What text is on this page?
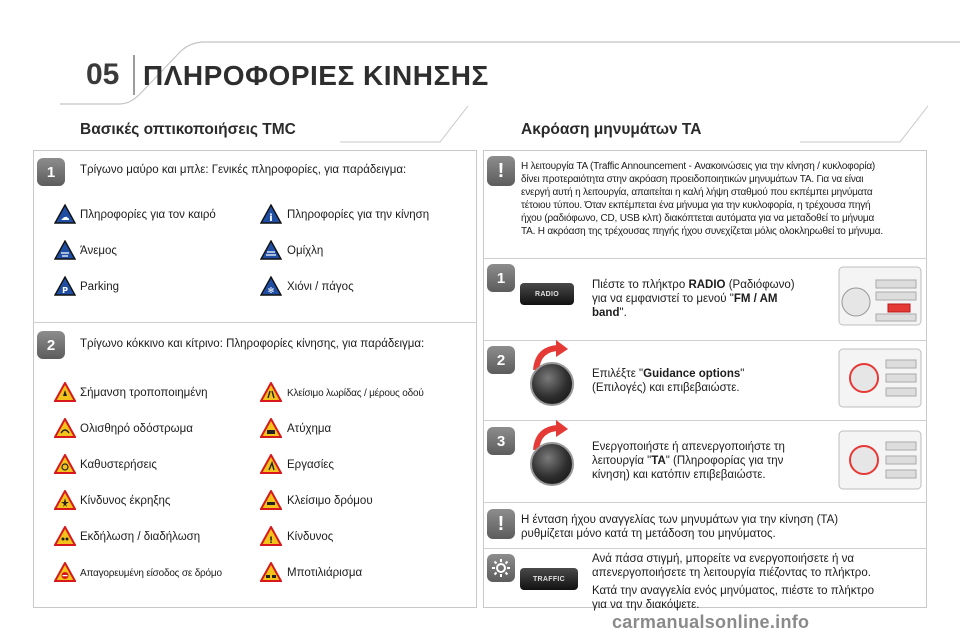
05 ΠΛΗΡΟΦΟΡΙΕΣ ΚΙΝΗΣΗΣ
Βασικές οπτικοποιήσεις TMC
1	Τρίγωνο μαύρο και μπλε: Γενικές πληροφορίες, για παράδειγμα:
☁ Πληροφορίες για τον καιρό	i Πληροφορίες για την κίνηση
Άνεμος	Ομίχλη
P Parking	✻ Χιόνι / πάγος
2	Τρίγωνο κόκκινο και κίτρινο: Πληροφορίες κίνησης, για παράδειγμα:
Σήμανση τροποποιημένη	Κλείσιμο λωρίδας / μέρους οδού
Ολισθηρό οδόστρωμα	Ατύχημα
Καθυστερήσεις	Εργασίες
Κίνδυνος έκρηξης	Κλείσιμο δρόμου
Εκδήλωση / διαδήλωση	! Κίνδυνος
Απαγορευμένη είσοδος σε δρόμο	Μποτιλιάρισμα
Ακρόαση μηνυμάτων TA
!	Η λειτουργία TA (Traffic Announcement - Ανακοινώσεις για την κίνηση / κυκλοφορία)
δίνει προτεραιότητα στην ακρόαση προειδοποιητικών μηνυμάτων TA. Για να είναι
ενεργή αυτή η λειτουργία, απαιτείται η καλή λήψη σταθμού που εκπέμπει μηνύματα
τέτοιου τύπου. Όταν εκπέμπεται ένα μήνυμα για την κυκλοφορία, η τρέχουσα πηγή
ήχου (ραδιόφωνο, CD, USB κλπ) διακόπτεται αυτόματα για να μεταδοθεί το μήνυμα
TA. Η ακρόαση της τρέχουσας πηγής ήχου συνεχίζεται μόλις ολοκληρωθεί το μήνυμα.
1
RADIO
Πιέστε το πλήκτρο RADIO (Ραδιόφωνο)
για να εμφανιστεί το μενού "FM / AM
band".
2
Επιλέξτε "Guidance options"
(Επιλογές) και επιβεβαιώστε.
3	Ενεργοποιήστε ή απενεργοποιήστε τη
λειτουργία "TA" (Πληροφορίας για την
κίνηση) και κατόπιν επιβεβαιώστε.
!	Η ένταση ήχου αναγγελίας των μηνυμάτων για την κίνηση (TA)
ρυθμίζεται μόνο κατά τη μετάδοση του μηνύματος.
TRAFFIC
Ανά πάσα στιγμή, μπορείτε να ενεργοποιήσετε ή να
απενεργοποιήσετε τη λειτουργία πιέζοντας το πλήκτρο.
Κατά την αναγγελία ενός μηνύματος, πιέστε το πλήκτρο
για να την διακόψετε.
carmanualsonline.info
